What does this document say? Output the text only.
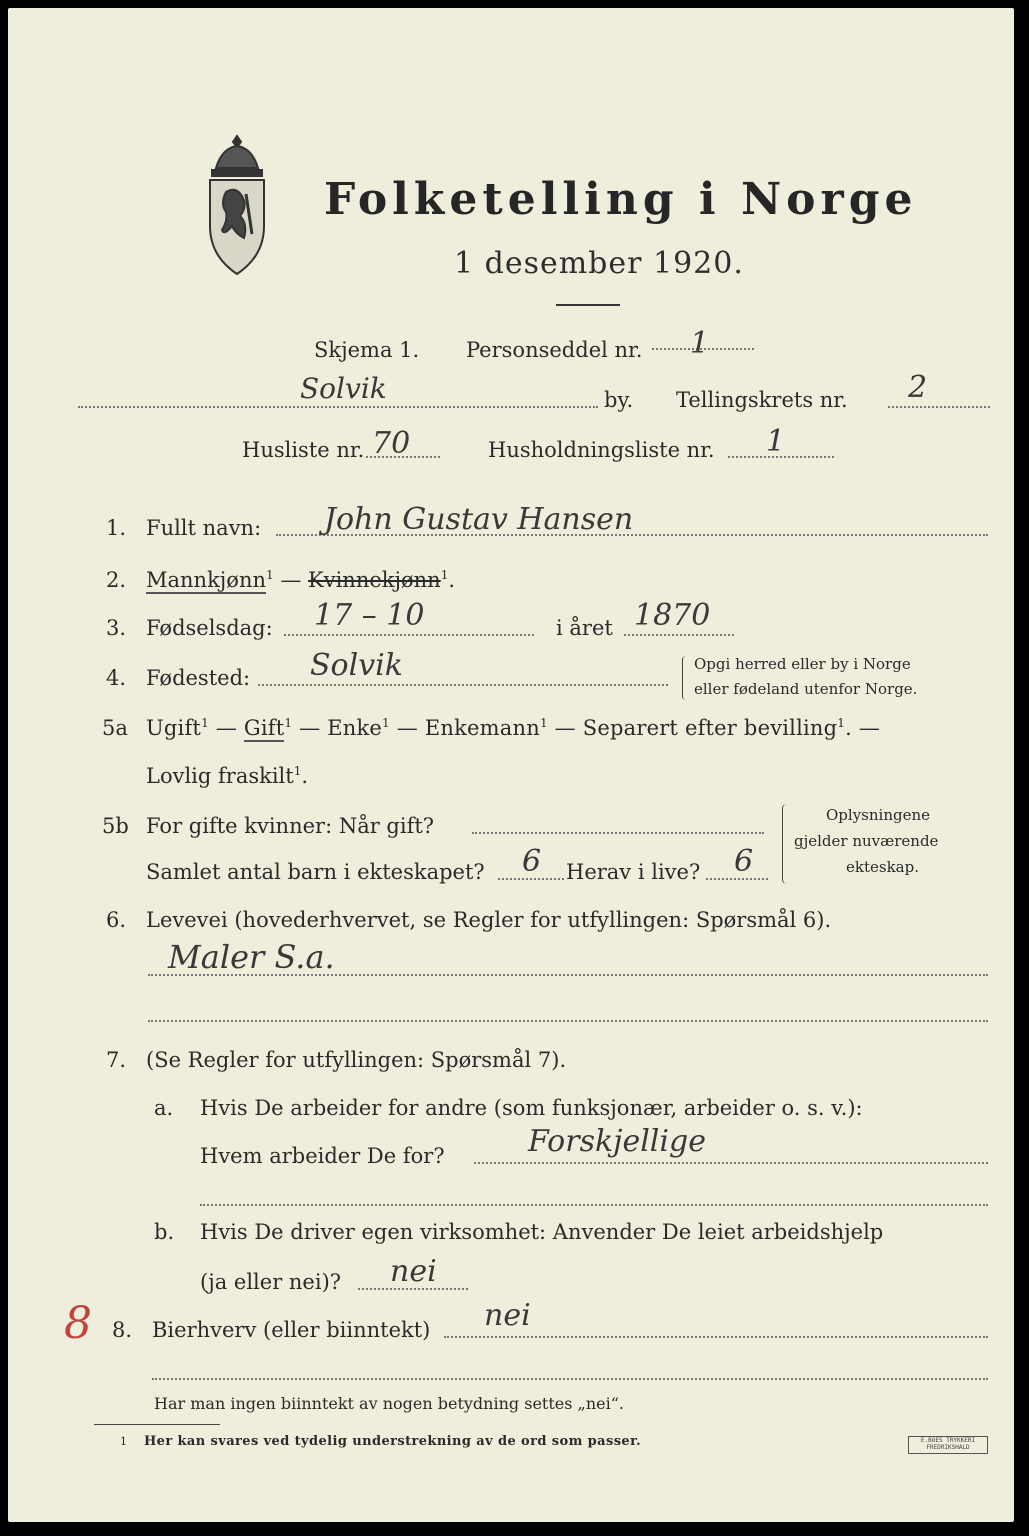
Folketelling i Norge
1 desember 1920.
Skjema 1. Personseddel nr. 1
Solvik	by. Tellingskrets nr. 2
Husliste nr. 70	Husholdningsliste nr. 1
1. Fullt navn: John Gustav Hansen
2. Mannkjønn$^1$ — Kvinnekjønn$^1$.
3. Fødselsdag: 17 – 10	i året 1870
4. Fødested: Solvik	Opgi herred eller by i Norge
eller fødeland utenfor Norge.
5a Ugift$^1$ — Gift$^1$ — Enke$^1$ — Enkemann$^1$ — Separert efter bevilling$^1$. —
Lovlig fraskilt$^1$.
5b For gifte kvinner: Når gift?
Samlet antal barn i ekteskapet? 6 Herav i live? 6
Oplysningene
gjelder nuværende
ekteskap.
6. Levevei (hovederhvervet, se Regler for utfyllingen: Spørsmål 6).
Maler S.a.
7. (Se Regler for utfyllingen: Spørsmål 7).
a. Hvis De arbeider for andre (som funksjonær, arbeider o. s. v.):
Hvem arbeider De for?	Forskjellige
b. Hvis De driver egen virksomhet: Anvender De leiet arbeidshjelp
(ja eller nei)? nei
8 8. Bierhverv (eller biinntekt) nei
Har man ingen biinntekt av nogen betydning settes „nei“.
1 Her kan svares ved tydelig understrekning av de ord som passer.	E.BOES TRYKKERI
FREDRIKSHALD
